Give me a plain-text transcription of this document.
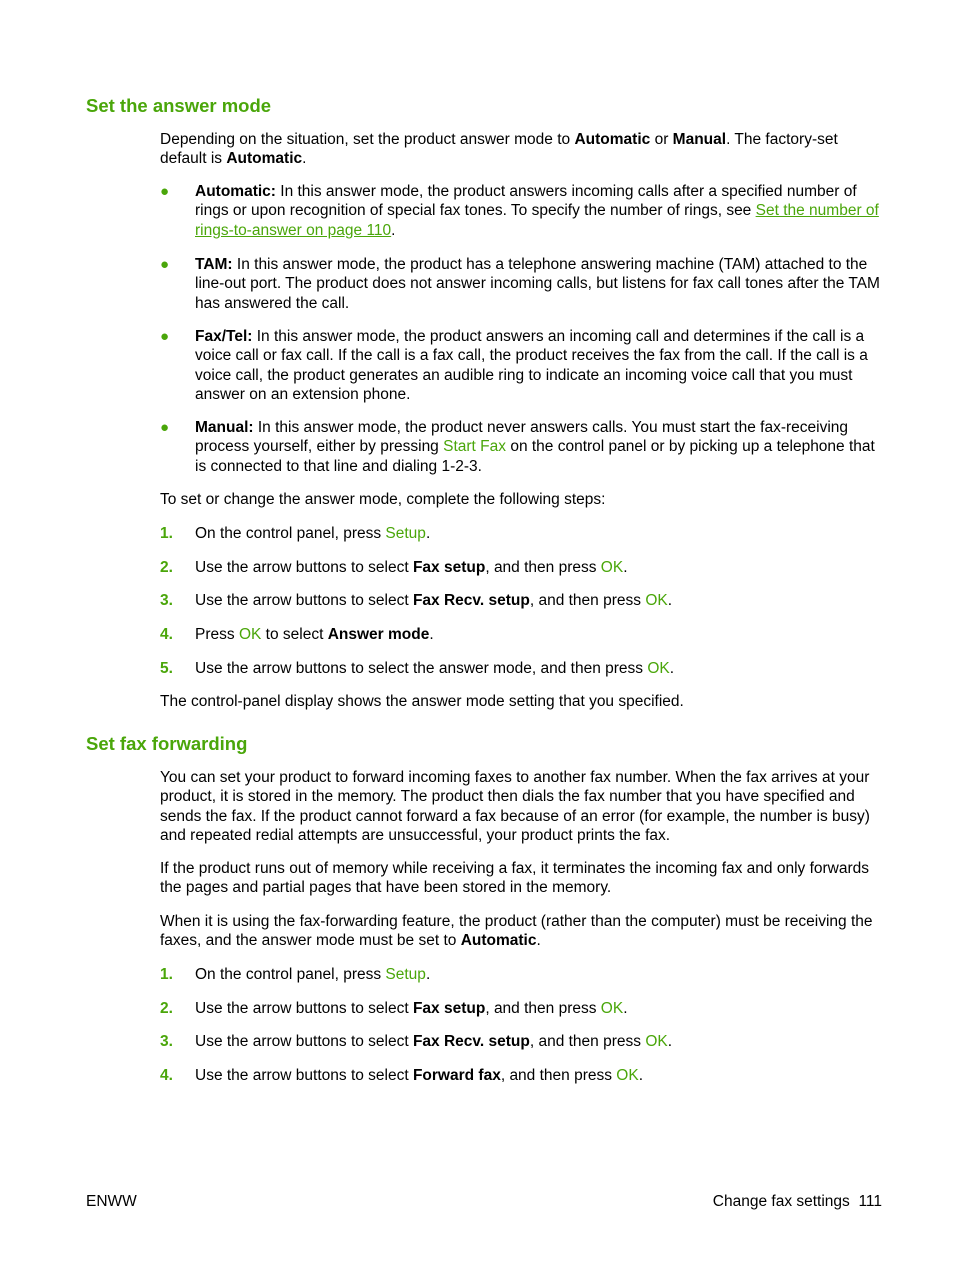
Set the answer mode

Depending on the situation, set the product answer mode to Automatic or Manual. The factory-set default is Automatic.

● Automatic: In this answer mode, the product answers incoming calls after a specified number of rings or upon recognition of special fax tones. To specify the number of rings, see Set the number of rings-to-answer on page 110.
● TAM: In this answer mode, the product has a telephone answering machine (TAM) attached to the line-out port. The product does not answer incoming calls, but listens for fax call tones after the TAM has answered the call.
● Fax/Tel: In this answer mode, the product answers an incoming call and determines if the call is a voice call or fax call. If the call is a fax call, the product receives the fax from the call. If the call is a voice call, the product generates an audible ring to indicate an incoming voice call that you must answer on an extension phone.
● Manual: In this answer mode, the product never answers calls. You must start the fax-receiving process yourself, either by pressing Start Fax on the control panel or by picking up a telephone that is connected to that line and dialing 1-2-3.

To set or change the answer mode, complete the following steps:

1. On the control panel, press Setup.
2. Use the arrow buttons to select Fax setup, and then press OK.
3. Use the arrow buttons to select Fax Recv. setup, and then press OK.
4. Press OK to select Answer mode.
5. Use the arrow buttons to select the answer mode, and then press OK.

The control-panel display shows the answer mode setting that you specified.

Set fax forwarding

You can set your product to forward incoming faxes to another fax number. When the fax arrives at your product, it is stored in the memory. The product then dials the fax number that you have specified and sends the fax. If the product cannot forward a fax because of an error (for example, the number is busy) and repeated redial attempts are unsuccessful, your product prints the fax.

If the product runs out of memory while receiving a fax, it terminates the incoming fax and only forwards the pages and partial pages that have been stored in the memory.

When it is using the fax-forwarding feature, the product (rather than the computer) must be receiving the faxes, and the answer mode must be set to Automatic.

1. On the control panel, press Setup.
2. Use the arrow buttons to select Fax setup, and then press OK.
3. Use the arrow buttons to select Fax Recv. setup, and then press OK.
4. Use the arrow buttons to select Forward fax, and then press OK.
ENWW	Change fax settings 111
